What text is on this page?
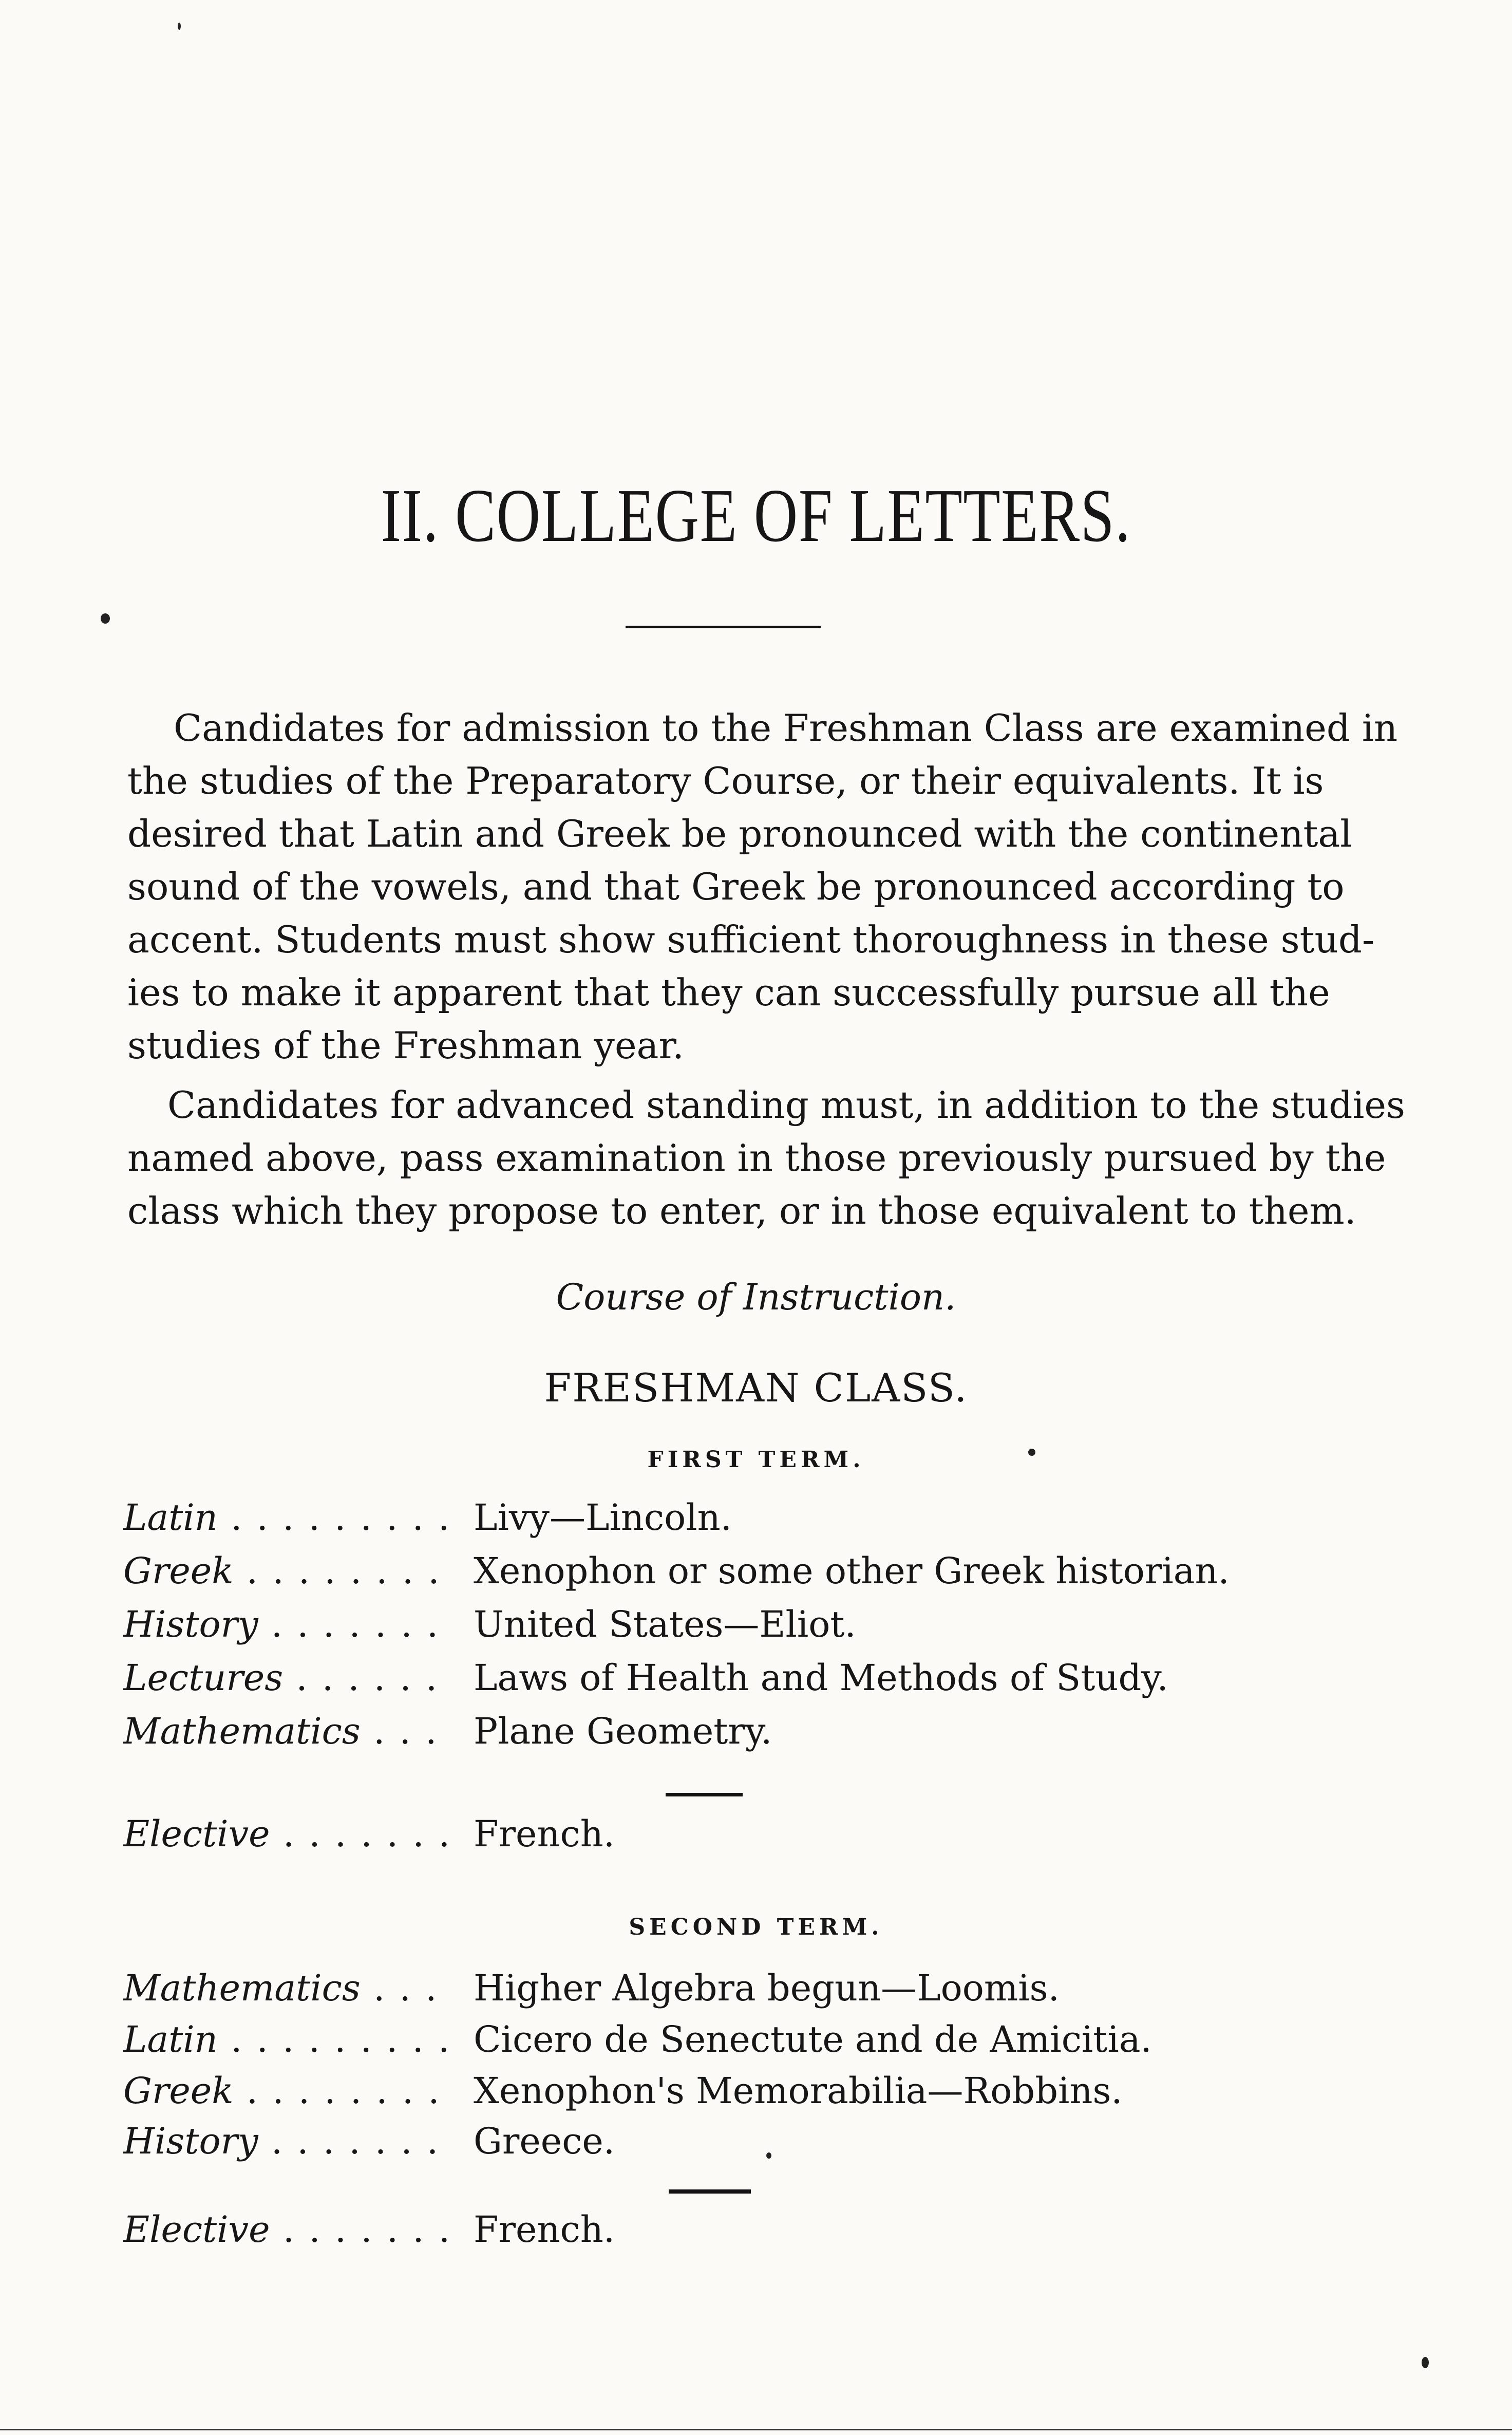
II. COLLEGE OF LETTERS.
Candidates for admission to the Freshman Class are examined in
the studies of the Preparatory Course, or their equivalents. It is
desired that Latin and Greek be pronounced with the continental
sound of the vowels, and that Greek be pronounced according to
accent. Students must show sufficient thoroughness in these stud-
ies to make it apparent that they can successfully pursue all the
studies of the Freshman year.
Candidates for advanced standing must, in addition to the studies
named above, pass examination in those previously pursued by the
class which they propose to enter, or in those equivalent to them.
Course of Instruction.
FRESHMAN CLASS.
FIRST TERM.
Latin . . .	Livy—Lincoln.
Greek . . .	Xenophon or some other Greek historian.
History . . .	United States—Eliot.
Lectures . . .	Laws of Health and Methods of Study.
Mathematics . . .	Plane Geometry.
Elective . . .	French.
SECOND TERM.
Mathematics . . .	Higher Algebra begun—Loomis.
Latin . . .	Cicero de Senectute and de Amicitia.
Greek . . .	Xenophon's Memorabilia—Robbins.
History . . .	Greece.
Elective . . .	French.
